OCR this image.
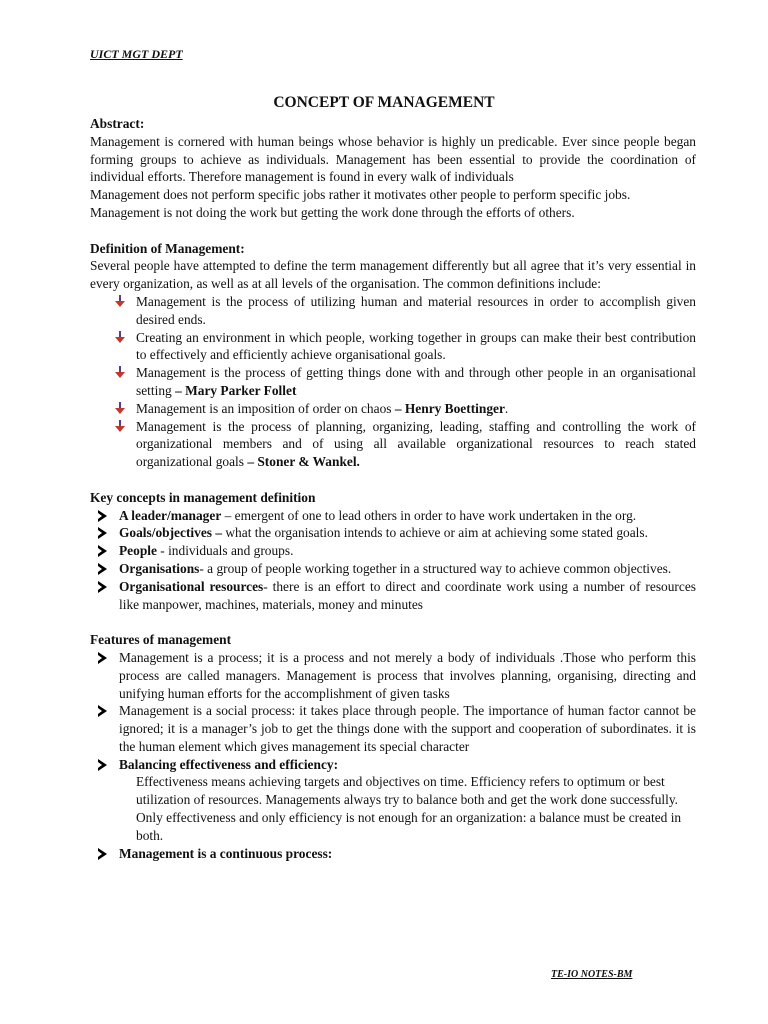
UICT MGT DEPT
CONCEPT OF MANAGEMENT

Abstract:

Management is cornered with human beings whose behavior is highly un predicable. Ever since people began forming groups to achieve as individuals. Management has been essential to provide the coordination of individual efforts. Therefore management is found in every walk of individuals

Management does not perform specific jobs rather it motivates other people to perform specific jobs.

Management is not doing the work but getting the work done through the efforts of others.

Definition of Management:

Several people have attempted to define the term management differently but all agree that it’s very essential in every organization, as well as at all levels of the organisation. The common definitions include:

Management is the process of utilizing human and material resources in order to accomplish given desired ends.
Creating an environment in which people, working together in groups can make their best contribution to effectively and efficiently achieve organisational goals.
Management is the process of getting things done with and through other people in an organisational setting – Mary Parker Follet
Management is an imposition of order on chaos – Henry Boettinger.
Management is the process of planning, organizing, leading, staffing and controlling the work of organizational members and of using all available organizational resources to reach stated organizational goals – Stoner & Wankel.

Key concepts in management definition

A leader/manager – emergent of one to lead others in order to have work undertaken in the org.
Goals/objectives – what the organisation intends to achieve or aim at achieving some stated goals.
People - individuals and groups.
Organisations- a group of people working together in a structured way to achieve common objectives.
Organisational resources- there is an effort to direct and coordinate work using a number of resources like manpower, machines, materials, money and minutes

Features of management

Management is a process; it is a process and not merely a body of individuals .Those who perform this process are called managers. Management is process that involves planning, organising, directing and unifying human efforts for the accomplishment of given tasks
Management is a social process: it takes place through people. The importance of human factor cannot be ignored; it is a manager’s job to get the things done with the support and cooperation of subordinates. it is the human element which gives management its special character
Balancing effectiveness and efficiency:

Effectiveness means achieving targets and objectives on time. Efficiency refers to optimum or best utilization of resources. Managements always try to balance both and get the work done successfully. Only effectiveness and only efficiency is not enough for an organization: a balance must be created in both.

Management is a continuous process:
TE-IO NOTES-BM
